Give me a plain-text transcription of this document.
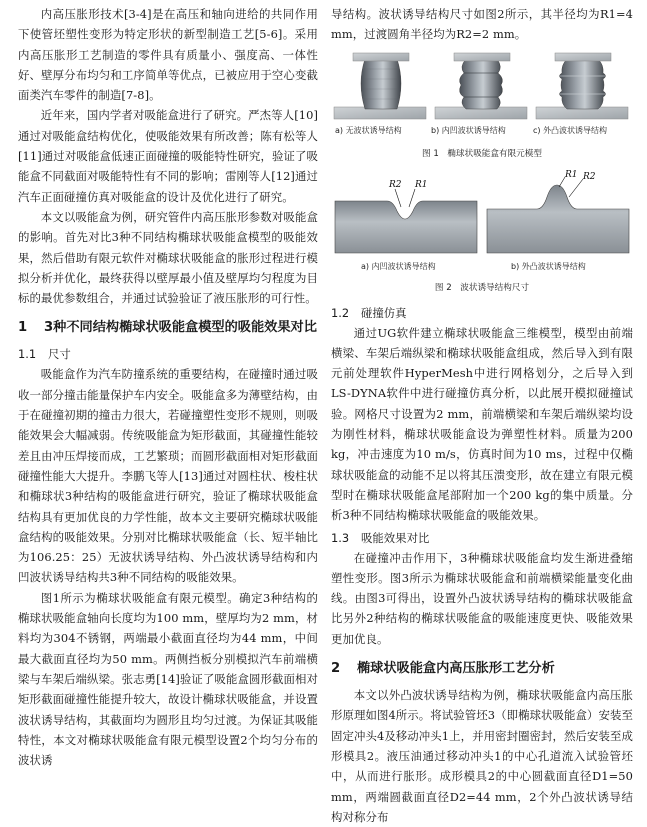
内高压胀形技术[3-4]是在高压和轴向进给的共同作用下使管坯塑性变形为特定形状的新型制造工艺[5-6]。采用内高压胀形工艺制造的零件具有质量小、强度高、一体性好、壁厚分布均匀和工序简单等优点，已被应用于空心变截面类汽车零件的制造[7-8]。

近年来，国内学者对吸能盒进行了研究。严杰等人[10]通过对吸能盒结构优化，使吸能效果有所改善；陈有松等人[11]通过对吸能盒低速正面碰撞的吸能特性研究，验证了吸能盒不同截面对吸能特性有不同的影响；雷刚等人[12]通过汽车正面碰撞仿真对吸能盒的设计及优化进行了研究。

本文以吸能盒为例，研究管件内高压胀形参数对吸能盒的影响。首先对比3种不同结构椭球状吸能盒模型的吸能效果，然后借助有限元软件对椭球状吸能盒的胀形过程进行模拟分析并优化，最终获得以壁厚最小值及壁厚均匀程度为目标的最优参数组合，并通过试验验证了液压胀形的可行性。

1	3种不同结构椭球状吸能盒模型的吸能效果对比
1.1 尺寸

吸能盒作为汽车防撞系统的重要结构，在碰撞时通过吸收一部分撞击能量保护车内安全。吸能盒多为薄壁结构，由于在碰撞初期的撞击力很大，若碰撞塑性变形不规则，则吸能效果会大幅减弱。传统吸能盒为矩形截面，其碰撞性能较差且由冲压焊接而成，工艺繁琐；而圆形截面相对矩形截面碰撞性能大大提升。李鹏飞等人[13]通过对圆柱状、梭柱状和椭球状3种结构的吸能盒进行研究，验证了椭球状吸能盒结构具有更加优良的力学性能，故本文主要研究椭球状吸能盒结构的吸能效果。分别对比椭球状吸能盒（长、短半轴比为106.25：25）无波状诱导结构、外凸波状诱导结构和内凹波状诱导结构共3种不同结构的吸能效果。

图1所示为椭球状吸能盒有限元模型。确定3种结构的椭球状吸能盒轴向长度均为100 mm，壁厚均为2 mm，材料均为304不锈钢，两端最小截面直径均为44 mm，中间最大截面直径均为50 mm。两侧挡板分别模拟汽车前端横梁与车架后端纵梁。张志勇[14]验证了吸能盒圆形截面相对矩形截面碰撞性能提升较大，故设计椭球状吸能盒，并设置波状诱导结构，其截面均为圆形且均匀过渡。为保证其吸能特性，本文对椭球状吸能盒有限元模型设置2个均匀分布的波状诱

导结构。波状诱导结构尺寸如图2所示，其半径均为R1=4 mm，过渡圆角半径均为R2=2 mm。

a) 无波状诱导结构	b) 内凹波状诱导结构	c) 外凸波状诱导结构
图 1　椭球状吸能盒有限元模型
R2 R1
R1 R2
a) 内凹波状诱导结构	b) 外凸波状诱导结构
图 2　波状诱导结构尺寸
1.2 碰撞仿真

通过UG软件建立椭球状吸能盒三维模型，模型由前端横梁、车架后端纵梁和椭球状吸能盒组成，然后导入到有限元前处理软件HyperMesh中进行网格划分，之后导入到LS-DYNA软件中进行碰撞仿真分析，以此展开模拟碰撞试验。网格尺寸设置为2 mm，前端横梁和车架后端纵梁均设为刚性材料，椭球状吸能盒设为弹塑性材料。质量为200 kg，冲击速度为10 m/s，仿真时间为10 ms，过程中仅椭球状吸能盒的动能不足以将其压溃变形，故在建立有限元模型时在椭球状吸能盒尾部附加一个200 kg的集中质量。分析3种不同结构椭球状吸能盒的吸能效果。

1.3 吸能效果对比

在碰撞冲击作用下，3种椭球状吸能盒均发生渐进叠缩塑性变形。图3所示为椭球状吸能盒和前端横梁能量变化曲线。由图3可得出，设置外凸波状诱导结构的椭球状吸能盒比另外2种结构的椭球状吸能盒的吸能速度更快、吸能效果更加优良。

2	椭球状吸能盒内高压胀形工艺分析

本文以外凸波状诱导结构为例，椭球状吸能盒内高压胀形原理如图4所示。将试验管坯3（即椭球状吸能盒）安装至固定冲头4及移动冲头1上，并用密封圈密封，然后安装至成形模具2。液压油通过移动冲头1的中心孔道流入试验管坯中，从而进行胀形。成形模具2的中心圆截面直径D1=50 mm，两端圆截面直径D2=44 mm，2个外凸波状诱导结构对称分布
